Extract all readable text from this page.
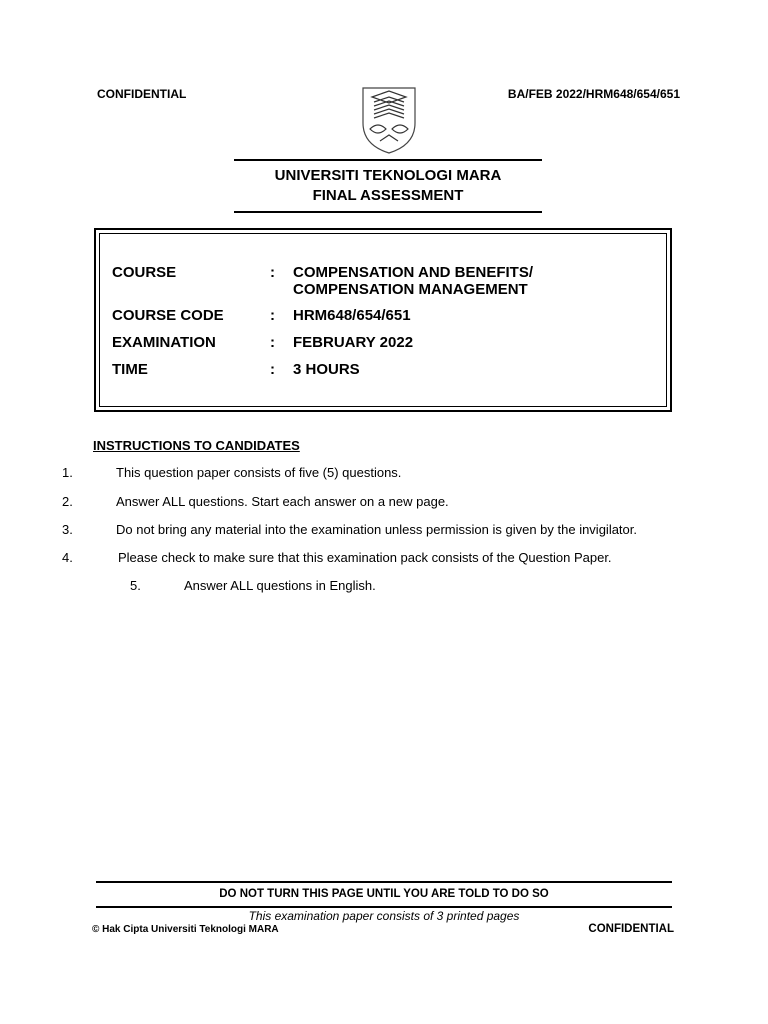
CONFIDENTIAL	BA/FEB 2022/HRM648/654/651
UNIVERSITI TEKNOLOGI MARA
FINAL ASSESSMENT
COURSE	: COMPENSATION AND BENEFITS/
COMPENSATION MANAGEMENT
COURSE CODE	: HRM648/654/651
EXAMINATION	: FEBRUARY 2022
TIME	: 3 HOURS
INSTRUCTIONS TO CANDIDATES
1.	This question paper consists of five (5) questions.
2.	Answer ALL questions. Start each answer on a new page.
3.	Do not bring any material into the examination unless permission is given by the invigilator.
4.	Please check to make sure that this examination pack consists of the Question Paper.
5.	Answer ALL questions in English.
DO NOT TURN THIS PAGE UNTIL YOU ARE TOLD TO DO SO
This examination paper consists of 3 printed pages
© Hak Cipta Universiti Teknologi MARA	CONFIDENTIAL
